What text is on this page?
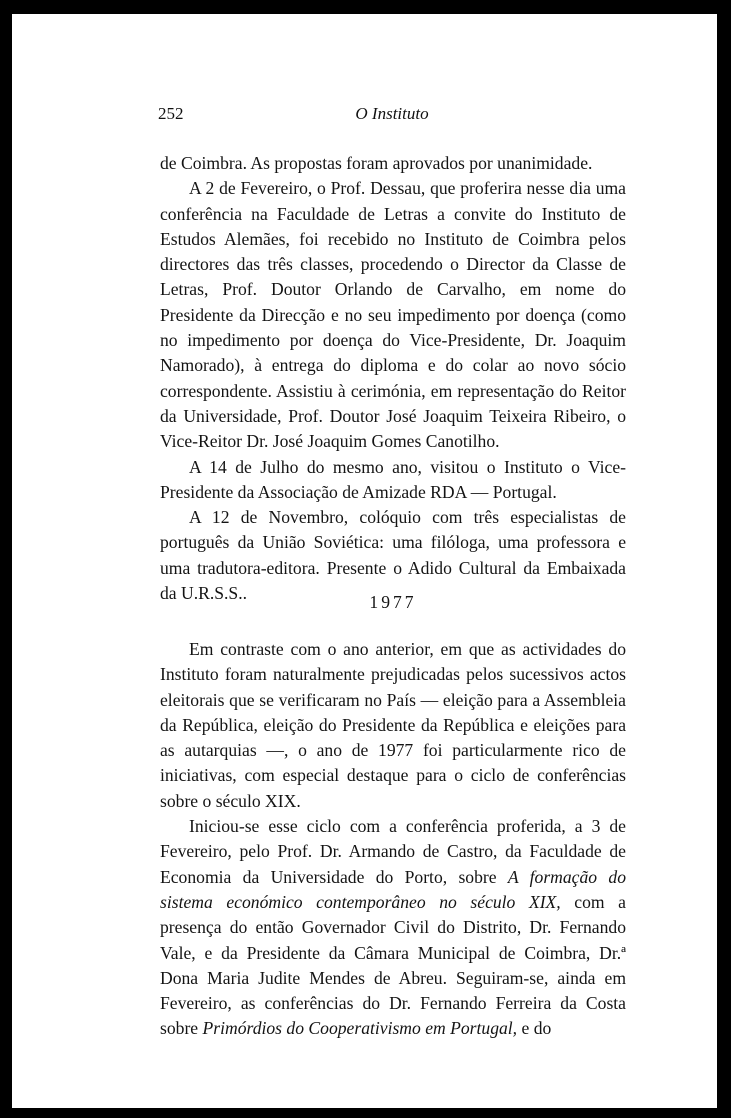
252	O Instituto

de Coimbra. As propostas foram aprovados por unanimidade.

A 2 de Fevereiro, o Prof. Dessau, que proferira nesse dia uma conferência na Faculdade de Letras a convite do Instituto de Estudos Alemães, foi recebido no Instituto de Coimbra pelos directores das três classes, procedendo o Director da Classe de Letras, Prof. Doutor Orlando de Carvalho, em nome do Presidente da Direcção e no seu impedimento por doença (como no impedimento por doença do Vice-Presidente, Dr. Joaquim Namorado), à entrega do diploma e do colar ao novo sócio correspondente. Assistiu à cerimónia, em representação do Reitor da Universidade, Prof. Doutor José Joaquim Teixeira Ribeiro, o Vice-Reitor Dr. José Joaquim Gomes Canotilho.

A 14 de Julho do mesmo ano, visitou o Instituto o Vice-Presidente da Associação de Amizade RDA — Portugal.

A 12 de Novembro, colóquio com três especialistas de português da União Soviética: uma filóloga, uma professora e uma tradutora-editora. Presente o Adido Cultural da Embaixada da U.R.S.S..	1977

Em contraste com o ano anterior, em que as actividades do Instituto foram naturalmente prejudicadas pelos sucessivos actos eleitorais que se verificaram no País — eleição para a Assembleia da República, eleição do Presidente da República e eleições para as autarquias —, o ano de 1977 foi particularmente rico de iniciativas, com especial destaque para o ciclo de conferências sobre o século XIX.

Iniciou-se esse ciclo com a conferência proferida, a 3 de Fevereiro, pelo Prof. Dr. Armando de Castro, da Faculdade de Economia da Universidade do Porto, sobre A formação do sistema económico contemporâneo no século XIX, com a presença do então Governador Civil do Distrito, Dr. Fernando Vale, e da Presidente da Câmara Municipal de Coimbra, Dr.ª Dona Maria Judite Mendes de Abreu. Seguiram-se, ainda em Fevereiro, as conferências do Dr. Fernando Ferreira da Costa sobre Primórdios do Cooperativismo em Portugal, e do
